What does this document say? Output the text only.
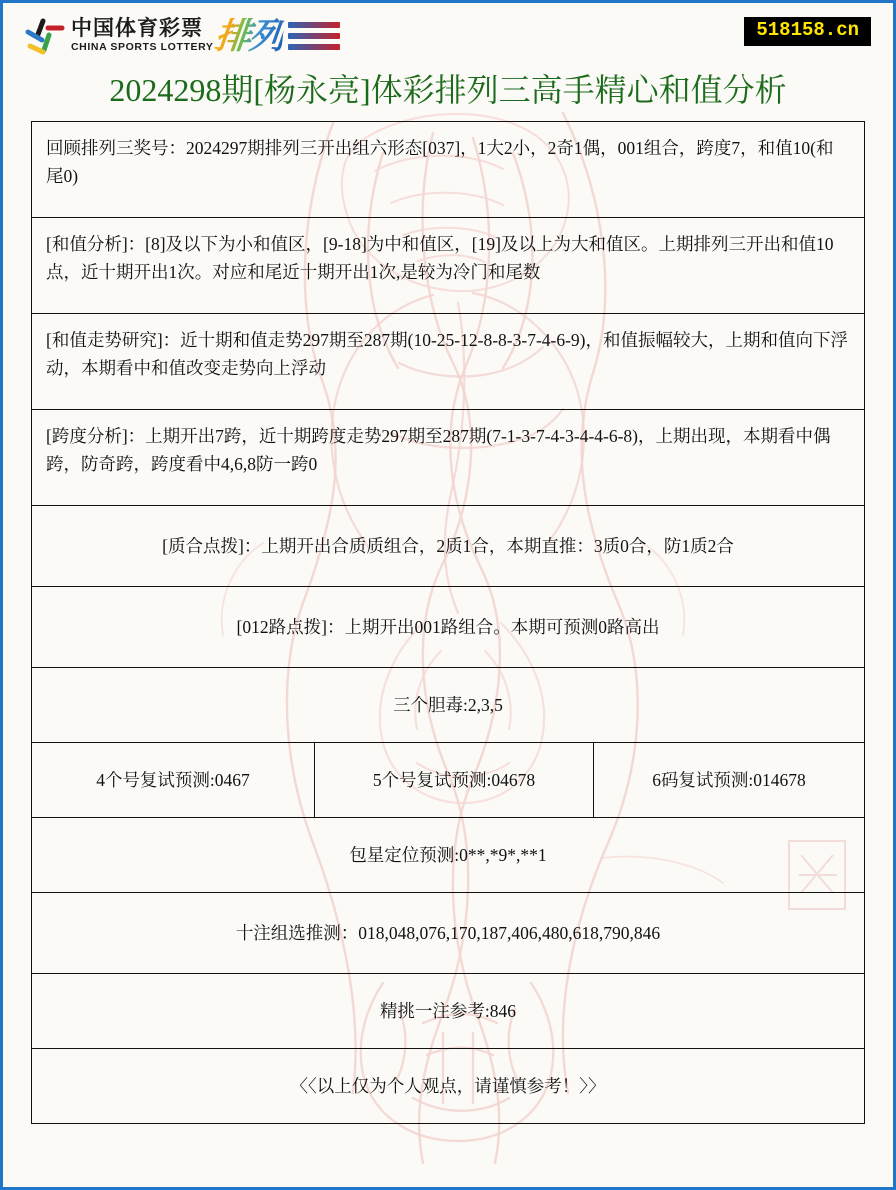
中国体育彩票
CHINA SPORTS LOTTERY 排列	518158.cn
2024298期[杨永亮]体彩排列三高手精心和值分析
回顾排列三奖号：2024297期排列三开出组六形态[037]，1大2小，2奇1偶，001组合，跨度7，和值10(和尾0)
[和值分析]：[8]及以下为小和值区，[9-18]为中和值区，[19]及以上为大和值区。上期排列三开出和值10点，近十期开出1次。对应和尾近十期开出1次,是较为冷门和尾数
[和值走势研究]：近十期和值走势297期至287期(10-25-12-8-8-3-7-4-6-9)，和值振幅较大，上期和值向下浮动，本期看中和值改变走势向上浮动
[跨度分析]：上期开出7跨，近十期跨度走势297期至287期(7-1-3-7-4-3-4-4-6-8)，上期出现，本期看中偶跨，防奇跨，跨度看中4,6,8防一跨0
[质合点拨]：上期开出合质质组合，2质1合，本期直推：3质0合，防1质2合
[012路点拨]：上期开出001路组合。本期可预测0路高出
三个胆毒:2,3,5
4个号复试预测:0467	5个号复试预测:04678	6码复试预测:014678
包星定位预测:0**,*9*,**1
十注组选推测：018,048,076,170,187,406,480,618,790,846
精挑一注参考:846
〈〈以上仅为个人观点，请谨慎参考！〉〉
